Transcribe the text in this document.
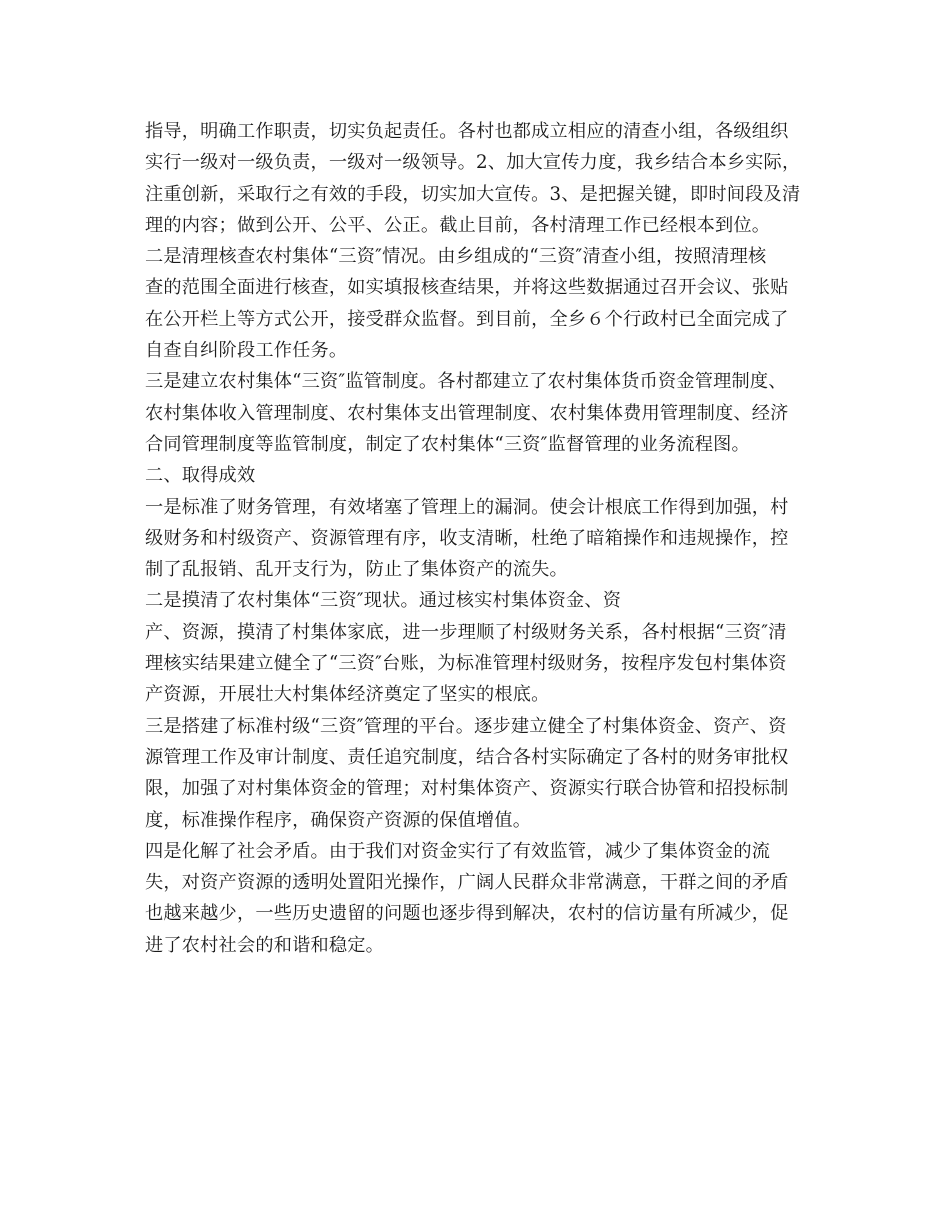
指导，明确工作职责，切实负起责任。各村也都成立相应的清查小组，各级组织
实行一级对一级负责，一级对一级领导。2、加大宣传力度，我乡结合本乡实际，
注重创新，采取行之有效的手段，切实加大宣传。3、是把握关键，即时间段及清
理的内容；做到公开、公平、公正。截止目前，各村清理工作已经根本到位。
二是清理核查农村集体“三资″情况。由乡组成的“三资″清查小组，按照清理核
查的范围全面进行核查，如实填报核查结果，并将这些数据通过召开会议、张贴
在公开栏上等方式公开，接受群众监督。到目前，全乡６个行政村已全面完成了
自查自纠阶段工作任务。
三是建立农村集体“三资″监管制度。各村都建立了农村集体货币资金管理制度、
农村集体收入管理制度、农村集体支出管理制度、农村集体费用管理制度、经济
合同管理制度等监管制度，制定了农村集体“三资″监督管理的业务流程图。
二、取得成效
一是标准了财务管理，有效堵塞了管理上的漏洞。使会计根底工作得到加强，村
级财务和村级资产、资源管理有序，收支清晰，杜绝了暗箱操作和违规操作，控
制了乱报销、乱开支行为，防止了集体资产的流失。
二是摸清了农村集体“三资″现状。通过核实村集体资金、资
产、资源，摸清了村集体家底，进一步理顺了村级财务关系，各村根据“三资″清
理核实结果建立健全了“三资″台账，为标准管理村级财务，按程序发包村集体资
产资源，开展壮大村集体经济奠定了坚实的根底。
三是搭建了标准村级“三资″管理的平台。逐步建立健全了村集体资金、资产、资
源管理工作及审计制度、责任追究制度，结合各村实际确定了各村的财务审批权
限，加强了对村集体资金的管理；对村集体资产、资源实行联合协管和招投标制
度，标准操作程序，确保资产资源的保值增值。
四是化解了社会矛盾。由于我们对资金实行了有效监管，减少了集体资金的流
失，对资产资源的透明处置阳光操作，广阔人民群众非常满意，干群之间的矛盾
也越来越少，一些历史遗留的问题也逐步得到解决，农村的信访量有所减少，促
进了农村社会的和谐和稳定。
